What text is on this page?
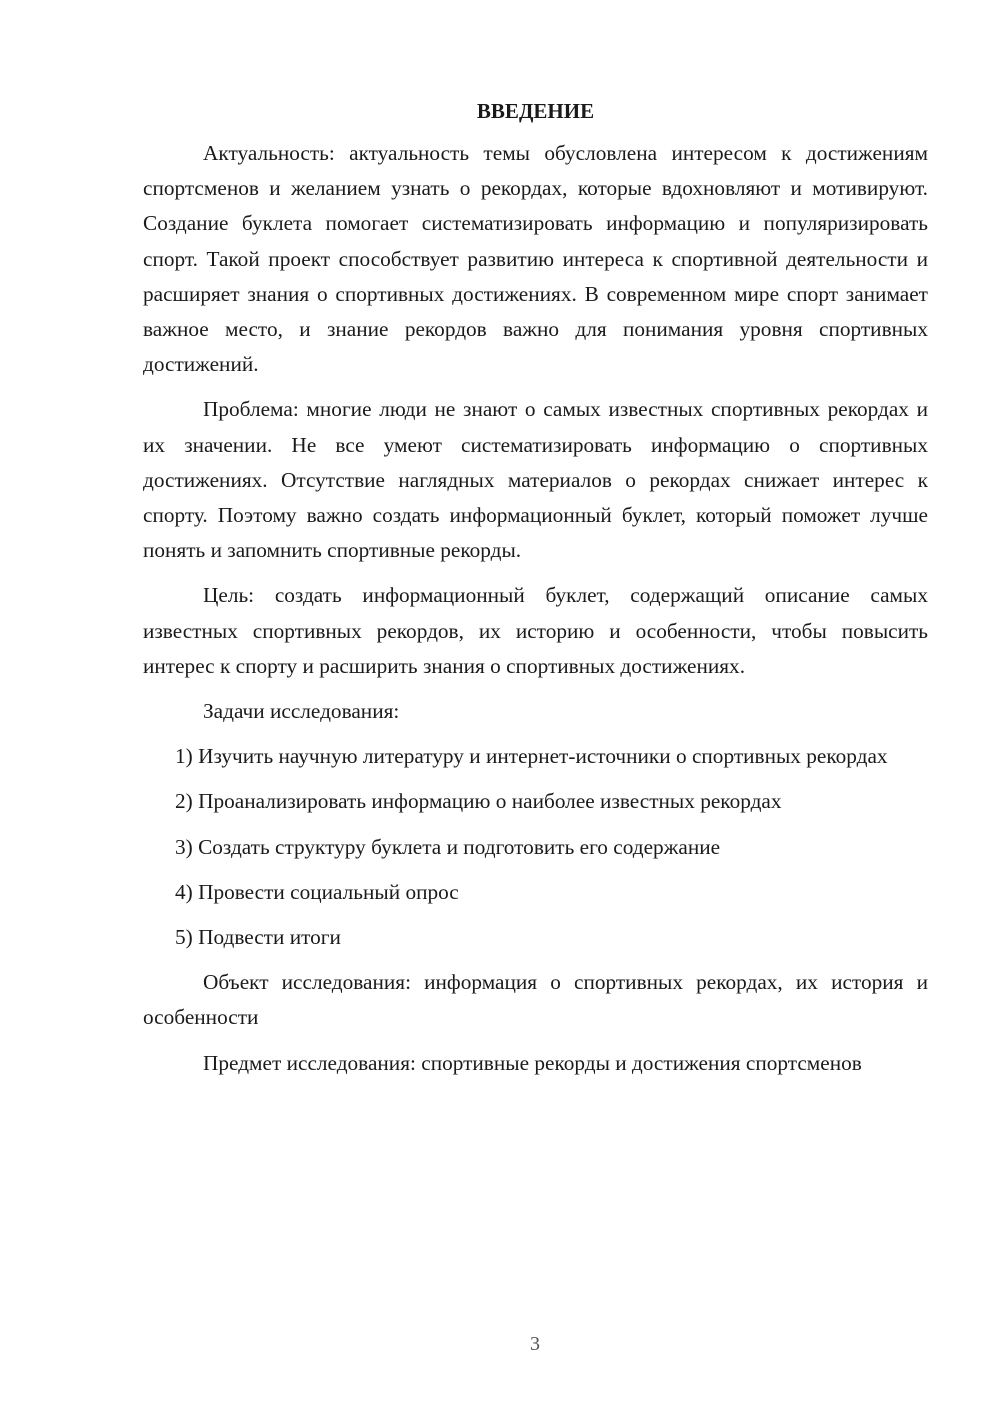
ВВЕДЕНИЕ

Актуальность: актуальность темы обусловлена интересом к достижениям спортсменов и желанием узнать о рекордах, которые вдохновляют и мотивируют. Создание буклета помогает систематизировать информацию и популяризировать спорт. Такой проект способствует развитию интереса к спортивной деятельности и расширяет знания о спортивных достижениях. В современном мире спорт занимает важное место, и знание рекордов важно для понимания уровня спортивных достижений.

Проблема: многие люди не знают о самых известных спортивных рекордах и их значении. Не все умеют систематизировать информацию о спортивных достижениях. Отсутствие наглядных материалов о рекордах снижает интерес к спорту. Поэтому важно создать информационный буклет, который поможет лучше понять и запомнить спортивные рекорды.

Цель: создать информационный буклет, содержащий описание самых известных спортивных рекордов, их историю и особенности, чтобы повысить интерес к спорту и расширить знания о спортивных достижениях.

Задачи исследования:

1) Изучить научную литературу и интернет-источники о спортивных рекордах

2) Проанализировать информацию о наиболее известных рекордах

3) Создать структуру буклета и подготовить его содержание

4) Провести социальный опрос

5) Подвести итоги

Объект исследования: информация о спортивных рекордах, их история и особенности

Предмет исследования: спортивные рекорды и достижения спортсменов

3
